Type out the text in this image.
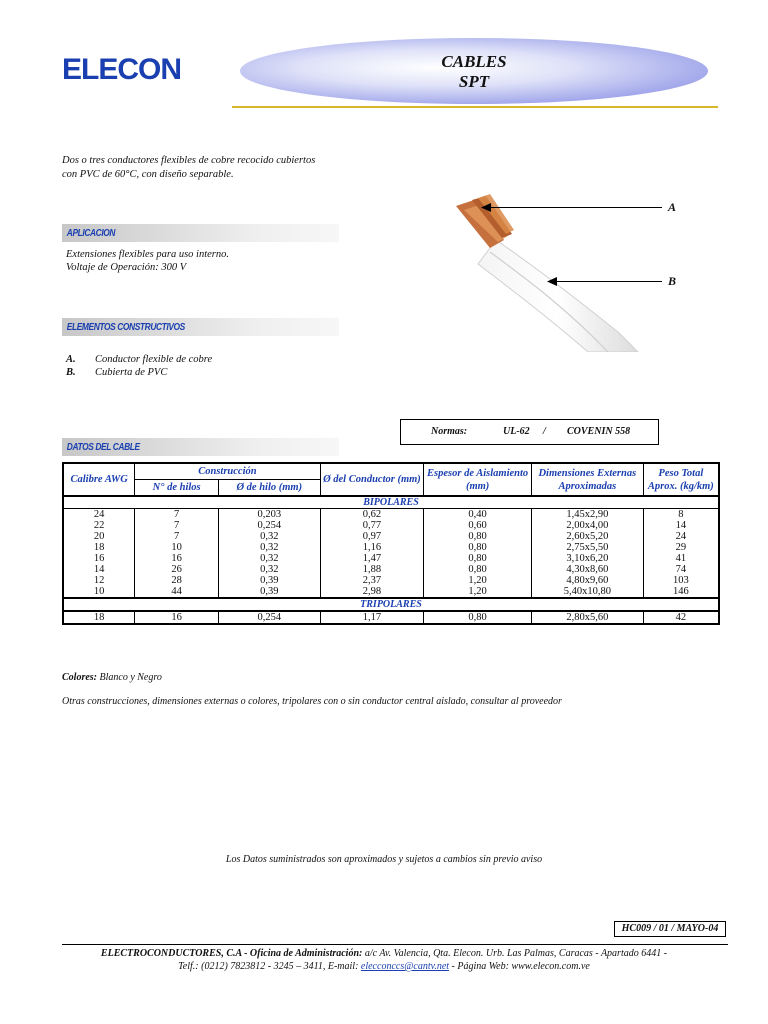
ELECON	CABLES
SPT
Dos o tres conductores flexibles de cobre recocido cubiertos
con PVC de 60°C, con diseño separable.
APLICACION
Extensiones flexibles para uso interno.
Voltaje de Operación: 300 V
ELEMENTOS CONSTRUCTIVOS
A.	Conductor flexible de cobre
B.	Cubierta de PVC
A
B
Normas:	UL-62 / COVENIN 558
DATOS DEL CABLE
Calibre AWG	Construcción		Ø del Conductor (mm)	Espesor de Aislamiento (mm)	Dimensiones Externas Aproximadas	Peso Total Aprox. (kg/km)
	N° de hilos	Ø de hilo (mm)				
BIPOLARES						
24	7	0,203	0,62	0,40	1,45x2,90	8
22	7	0,254	0,77	0,60	2,00x4,00	14
20	7	0,32	0,97	0,80	2,60x5,20	24
18	10	0,32	1,16	0,80	2,75x5,50	29
16	16	0,32	1,47	0,80	3,10x6,20	41
14	26	0,32	1,88	0,80	4,30x8,60	74
12	28	0,39	2,37	1,20	4,80x9,60	103
10	44	0,39	2,98	1,20	5,40x10,80	146
TRIPOLARES						
18	16	0,254	1,17	0,80	2,80x5,60	42
Colores: Blanco y Negro
Otras construcciones, dimensiones externas o colores, tripolares con o sin conductor central aislado, consultar al proveedor
Los Datos suministrados son aproximados y sujetos a cambios sin previo aviso
HC009 / 01 / MAYO-04
ELECTROCONDUCTORES, C.A - Oficina de Administración: a/c Av. Valencia, Qta. Elecon. Urb. Las Palmas, Caracas - Apartado 6441 -
Telf.: (0212) 7823812 - 3245 – 3411, E-mail: elecconccs@cantv.net - Página Web: www.elecon.com.ve
